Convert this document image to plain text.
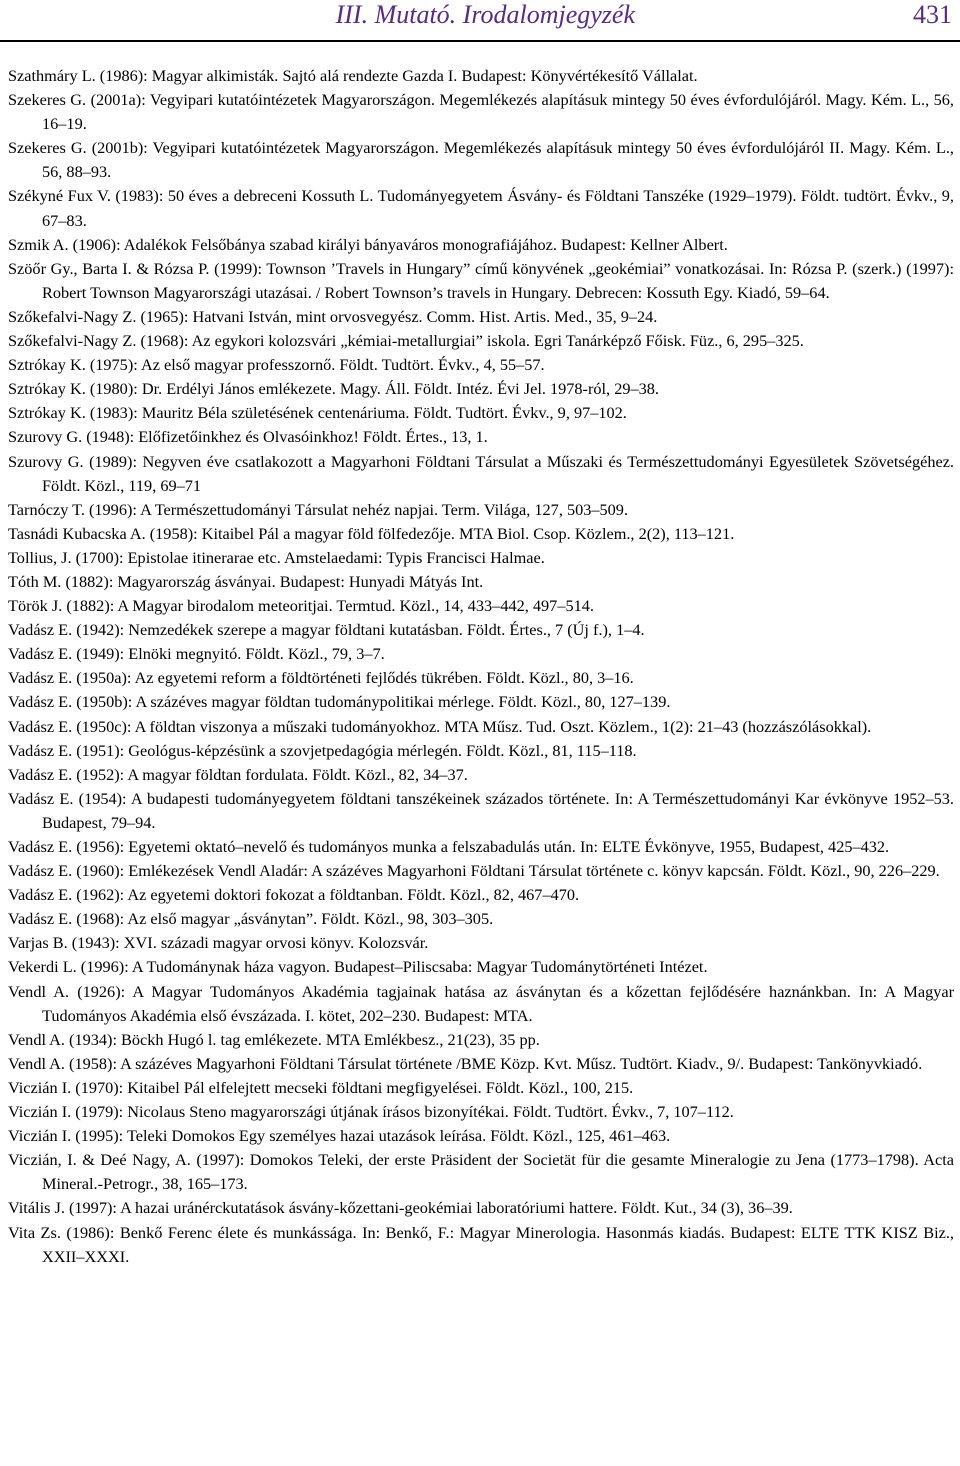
III. Mutató. Irodalomjegyzék	431
Szathmáry L. (1986): Magyar alkimisták. Sajtó alá rendezte Gazda I. Budapest: Könyvértékesítő Vállalat.
Szekeres G. (2001a): Vegyipari kutatóintézetek Magyarországon. Megemlékezés alapításuk mintegy 50 éves évfordulójáról. Magy. Kém. L., 56, 16–19.
Szekeres G. (2001b): Vegyipari kutatóintézetek Magyarországon. Megemlékezés alapításuk mintegy 50 éves évfordulójáról II. Magy. Kém. L., 56, 88–93.
Székyné Fux V. (1983): 50 éves a debreceni Kossuth L. Tudományegyetem Ásvány- és Földtani Tanszéke (1929–1979). Földt. tudtört. Évkv., 9, 67–83.
Szmik A. (1906): Adalékok Felsőbánya szabad királyi bányaváros monografiájához. Budapest: Kellner Albert.
Szöőr Gy., Barta I. & Rózsa P. (1999): Townson ’Travels in Hungary” című könyvének „geokémiai” vonatkozásai. In: Rózsa P. (szerk.) (1997): Robert Townson Magyarországi utazásai. / Robert Townson’s travels in Hungary. Debrecen: Kossuth Egy. Kiadó, 59–64.
Szőkefalvi-Nagy Z. (1965): Hatvani István, mint orvosvegyész. Comm. Hist. Artis. Med., 35, 9–24.
Szőkefalvi-Nagy Z. (1968): Az egykori kolozsvári „kémiai-metallurgiai” iskola. Egri Tanárképző Főisk. Füz., 6, 295–325.
Sztrókay K. (1975): Az első magyar professzornő. Földt. Tudtört. Évkv., 4, 55–57.
Sztrókay K. (1980): Dr. Erdélyi János emlékezete. Magy. Áll. Földt. Intéz. Évi Jel. 1978-ról, 29–38.
Sztrókay K. (1983): Mauritz Béla születésének centenáriuma. Földt. Tudtört. Évkv., 9, 97–102.
Szurovy G. (1948): Előfizetőinkhez és Olvasóinkhoz! Földt. Értes., 13, 1.
Szurovy G. (1989): Negyven éve csatlakozott a Magyarhoni Földtani Társulat a Műszaki és Természettudományi Egyesületek Szövetségéhez. Földt. Közl., 119, 69–71
Tarnóczy T. (1996): A Természettudományi Társulat nehéz napjai. Term. Világa, 127, 503–509.
Tasnádi Kubacska A. (1958): Kitaibel Pál a magyar föld fölfedezője. MTA Biol. Csop. Közlem., 2(2), 113–121.
Tollius, J. (1700): Epistolae itinerarae etc. Amstelaedami: Typis Francisci Halmae.
Tóth M. (1882): Magyarország ásványai. Budapest: Hunyadi Mátyás Int.
Török J. (1882): A Magyar birodalom meteoritjai. Termtud. Közl., 14, 433–442, 497–514.
Vadász E. (1942): Nemzedékek szerepe a magyar földtani kutatásban. Földt. Értes., 7 (Új f.), 1–4.
Vadász E. (1949): Elnöki megnyitó. Földt. Közl., 79, 3–7.
Vadász E. (1950a): Az egyetemi reform a földtörténeti fejlődés tükrében. Földt. Közl., 80, 3–16.
Vadász E. (1950b): A százéves magyar földtan tudománypolitikai mérlege. Földt. Közl., 80, 127–139.
Vadász E. (1950c): A földtan viszonya a műszaki tudományokhoz. MTA Műsz. Tud. Oszt. Közlem., 1(2): 21–43 (hozzászólásokkal).
Vadász E. (1951): Geológus-képzésünk a szovjetpedagógia mérlegén. Földt. Közl., 81, 115–118.
Vadász E. (1952): A magyar földtan fordulata. Földt. Közl., 82, 34–37.
Vadász E. (1954): A budapesti tudományegyetem földtani tanszékeinek százados története. In: A Természettudományi Kar évkönyve 1952–53. Budapest, 79–94.
Vadász E. (1956): Egyetemi oktató–nevelő és tudományos munka a felszabadulás után. In: ELTE Évkönyve, 1955, Budapest, 425–432.
Vadász E. (1960): Emlékezések Vendl Aladár: A százéves Magyarhoni Földtani Társulat története c. könyv kapcsán. Földt. Közl., 90, 226–229.
Vadász E. (1962): Az egyetemi doktori fokozat a földtanban. Földt. Közl., 82, 467–470.
Vadász E. (1968): Az első magyar „ásványtan”. Földt. Közl., 98, 303–305.
Varjas B. (1943): XVI. századi magyar orvosi könyv. Kolozsvár.
Vekerdi L. (1996): A Tudománynak háza vagyon. Budapest–Piliscsaba: Magyar Tudománytörténeti Intézet.
Vendl A. (1926): A Magyar Tudományos Akadémia tagjainak hatása az ásványtan és a kőzettan fejlődésére haznánkban. In: A Magyar Tudományos Akadémia első évszázada. I. kötet, 202–230. Budapest: MTA.
Vendl A. (1934): Böckh Hugó l. tag emlékezete. MTA Emlékbesz., 21(23), 35 pp.
Vendl A. (1958): A százéves Magyarhoni Földtani Társulat története /BME Közp. Kvt. Műsz. Tudtört. Kiadv., 9/. Budapest: Tankönyvkiadó.
Viczián I. (1970): Kitaibel Pál elfelejtett mecseki földtani megfigyelései. Földt. Közl., 100, 215.
Viczián I. (1979): Nicolaus Steno magyarországi útjának írásos bizonyítékai. Földt. Tudtört. Évkv., 7, 107–112.
Viczián I. (1995): Teleki Domokos Egy személyes hazai utazások leírása. Földt. Közl., 125, 461–463.
Viczián, I. & Deé Nagy, A. (1997): Domokos Teleki, der erste Präsident der Societät für die gesamte Mineralogie zu Jena (1773–1798). Acta Mineral.-Petrogr., 38, 165–173.
Vitális J. (1997): A hazai uránérckutatások ásvány-kőzettani-geokémiai laboratóriumi hattere. Földt. Kut., 34 (3), 36–39.
Vita Zs. (1986): Benkő Ferenc élete és munkássága. In: Benkő, F.: Magyar Minerologia. Hasonmás kiadás. Budapest: ELTE TTK KISZ Biz., XXII–XXXI.
